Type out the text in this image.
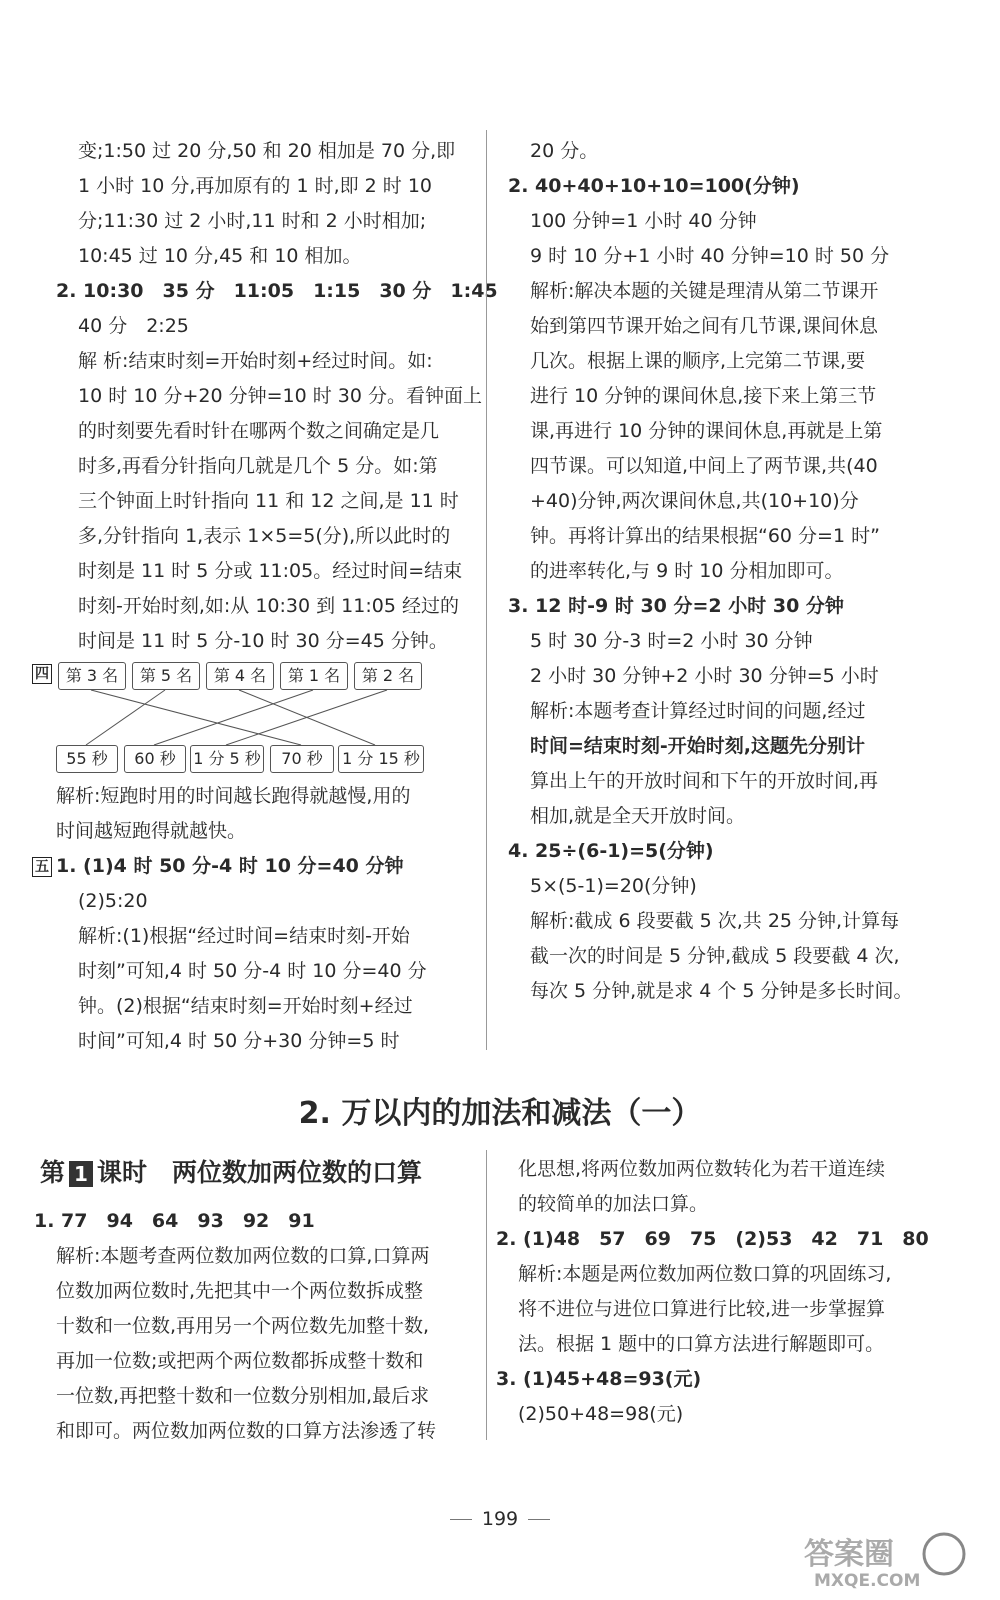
变;1:50 过 20 分,50 和 20 相加是 70 分,即

1 小时 10 分,再加原有的 1 时,即 2 时 10

分;11:30 过 2 小时,11 时和 2 小时相加;

10:45 过 10 分,45 和 10 相加。

2. 10:30　35 分　11:05　1:15　30 分　1:45

40 分　2:25

解 析:结束时刻=开始时刻+经过时间。如:

10 时 10 分+20 分钟=10 时 30 分。看钟面上

的时刻要先看时针在哪两个数之间确定是几

时多,再看分针指向几就是几个 5 分。如:第

三个钟面上时针指向 11 和 12 之间,是 11 时

多,分针指向 1,表示 1×5=5(分),所以此时的

时刻是 11 时 5 分或 11:05。经过时间=结束

时刻-开始时刻,如:从 10:30 到 11:05 经过的

时间是 11 时 5 分-10 时 30 分=45 分钟。

四	第 3 名	第 5 名	第 4 名	第 1 名	第 2 名
55 秒	60 秒	1 分 5 秒	70 秒	1 分 15 秒

解析:短跑时用的时间越长跑得就越慢,用的

时间越短跑得就越快。

五 1. (1)4 时 50 分-4 时 10 分=40 分钟

(2)5:20

解析:(1)根据“经过时间=结束时刻-开始

时刻”可知,4 时 50 分-4 时 10 分=40 分

钟。(2)根据“结束时刻=开始时刻+经过

时间”可知,4 时 50 分+30 分钟=5 时

20 分。

2. 40+40+10+10=100(分钟)

100 分钟=1 小时 40 分钟

9 时 10 分+1 小时 40 分钟=10 时 50 分

解析:解决本题的关键是理清从第二节课开

始到第四节课开始之间有几节课,课间休息

几次。根据上课的顺序,上完第二节课,要

进行 10 分钟的课间休息,接下来上第三节

课,再进行 10 分钟的课间休息,再就是上第

四节课。可以知道,中间上了两节课,共(40

+40)分钟,两次课间休息,共(10+10)分

钟。再将计算出的结果根据“60 分=1 时”

的进率转化,与 9 时 10 分相加即可。

3. 12 时-9 时 30 分=2 小时 30 分钟

5 时 30 分-3 时=2 小时 30 分钟

2 小时 30 分钟+2 小时 30 分钟=5 小时

解析:本题考查计算经过时间的问题,经过

时间=结束时刻-开始时刻,这题先分别计

算出上午的开放时间和下午的开放时间,再

相加,就是全天开放时间。

4. 25÷(6-1)=5(分钟)

5×(5-1)=20(分钟)

解析:截成 6 段要截 5 次,共 25 分钟,计算每

截一次的时间是 5 分钟,截成 5 段要截 4 次,

每次 5 分钟,就是求 4 个 5 分钟是多长时间。

2. 万以内的加法和减法（一）
第 1 课时　两位数加两位数的口算

1. 77　94　64　93　92　91

解析:本题考查两位数加两位数的口算,口算两

位数加两位数时,先把其中一个两位数拆成整

十数和一位数,再用另一个两位数先加整十数,

再加一位数;或把两个两位数都拆成整十数和

一位数,再把整十数和一位数分别相加,最后求

和即可。两位数加两位数的口算方法渗透了转

化思想,将两位数加两位数转化为若干道连续

的较简单的加法口算。

2. (1)48　57　69　75　(2)53　42　71　80

解析:本题是两位数加两位数口算的巩固练习,

将不进位与进位口算进行比较,进一步掌握算

法。根据 1 题中的口算方法进行解题即可。

3. (1)45+48=93(元)

(2)50+48=98(元)

199
答案圈
MXQE.COM
